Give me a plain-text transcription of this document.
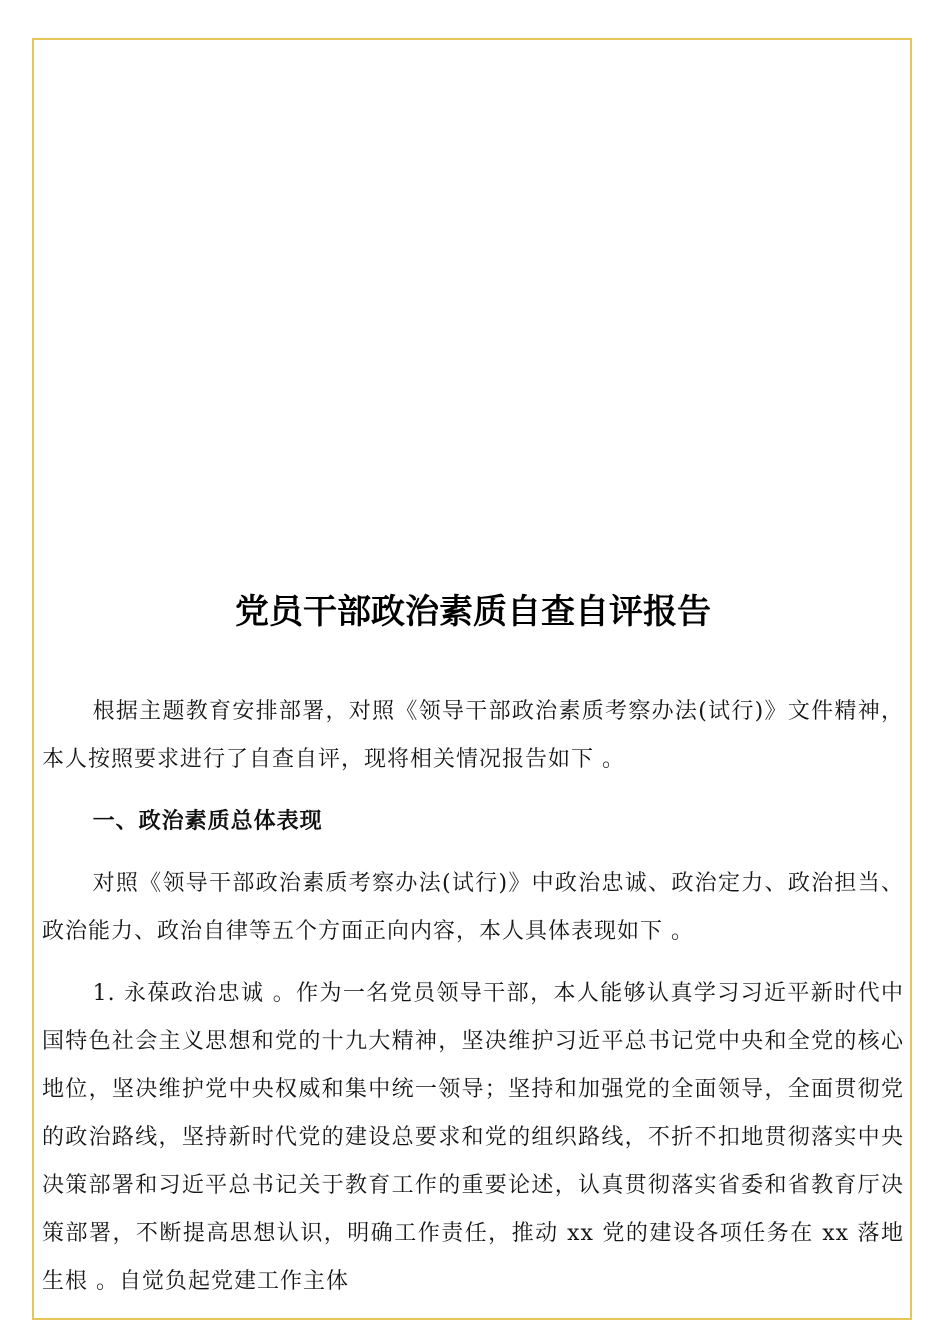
党员干部政治素质自查自评报告

根据主题教育安排部署，对照《领导干部政治素质考察办法(试行)》文件精神，本人按照要求进行了自查自评，现将相关情况报告如下 。

一、政治素质总体表现

对照《领导干部政治素质考察办法(试行)》中政治忠诚、政治定力、政治担当、政治能力、政治自律等五个方面正向内容，本人具体表现如下 。

1. 永葆政治忠诚 。作为一名党员领导干部，本人能够认真学习习近平新时代中国特色社会主义思想和党的十九大精神，坚决维护习近平总书记党中央和全党的核心地位，坚决维护党中央权威和集中统一领导；坚持和加强党的全面领导，全面贯彻党的政治路线，坚持新时代党的建设总要求和党的组织路线，不折不扣地贯彻落实中央决策部署和习近平总书记关于教育工作的重要论述，认真贯彻落实省委和省教育厅决策部署，不断提高思想认识，明确工作责任，推动 xx 党的建设各项任务在 xx 落地生根 。自觉负起党建工作主体
